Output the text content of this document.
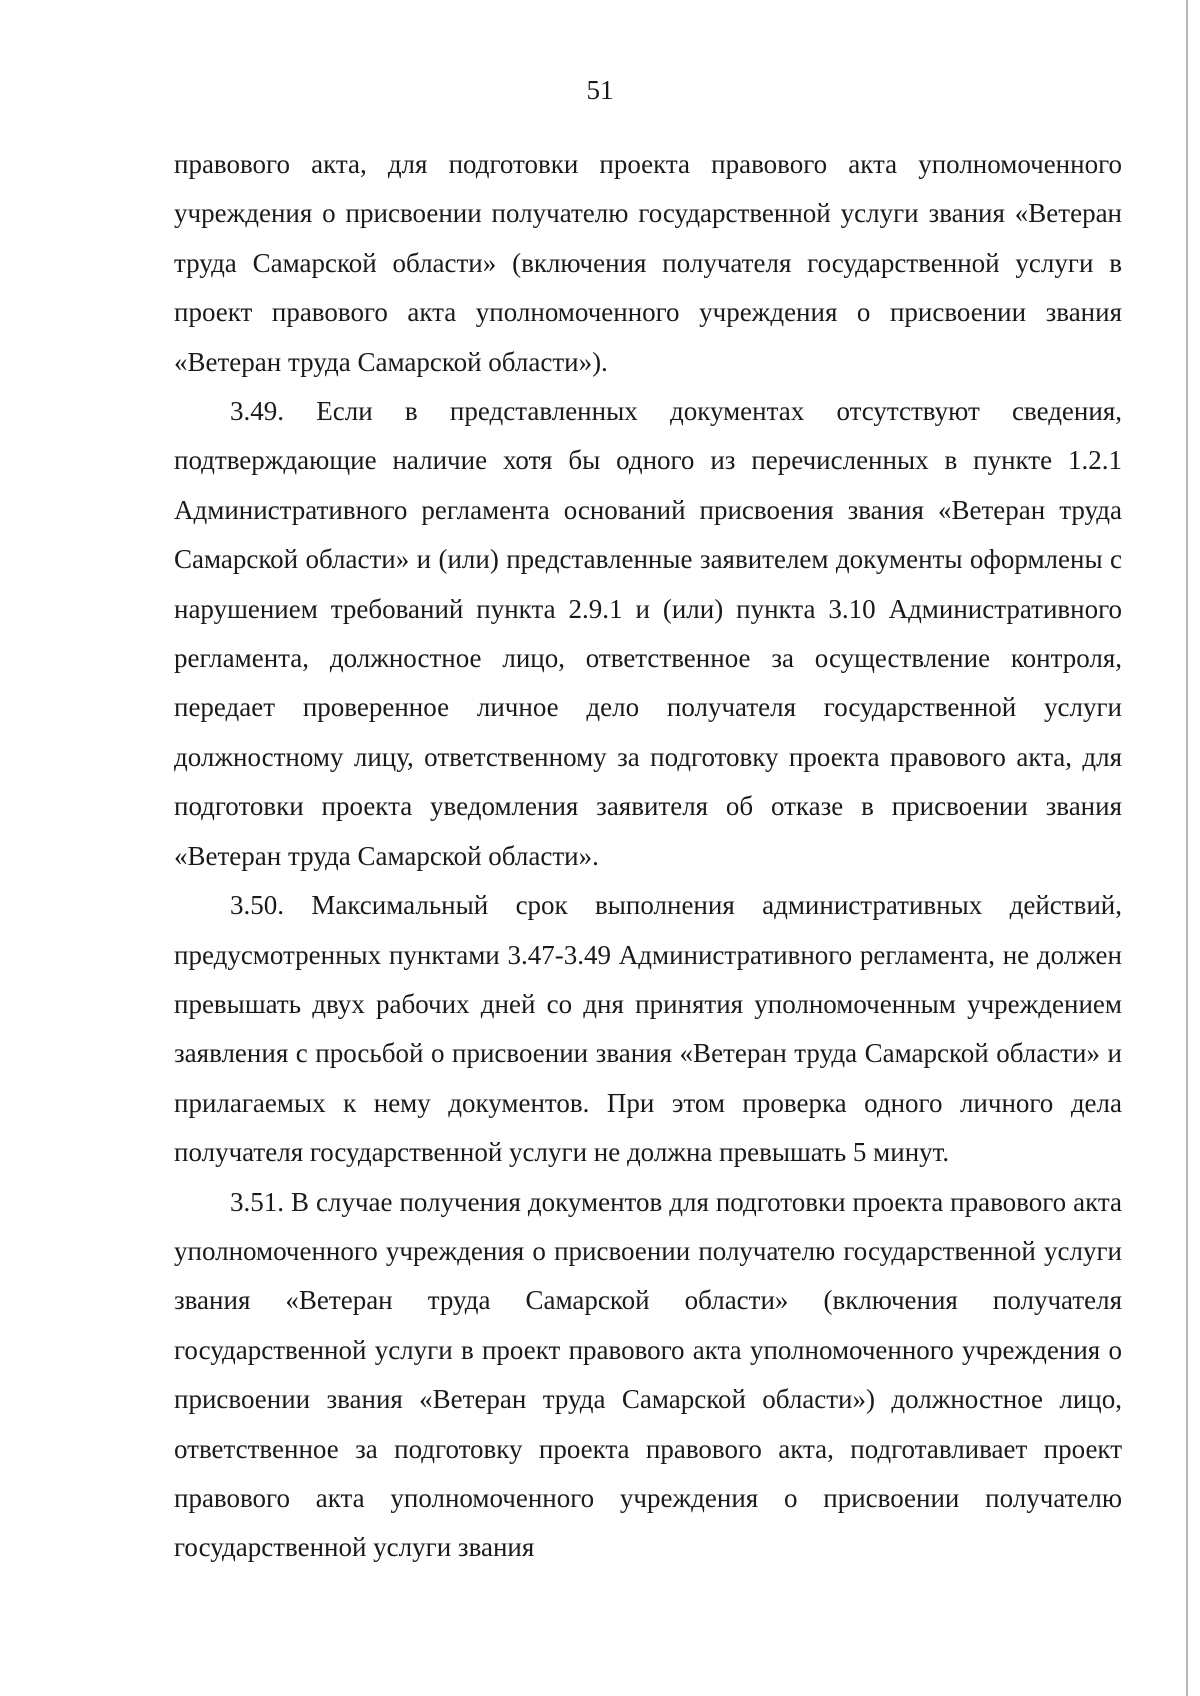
51

правового акта, для подготовки проекта правового акта уполномоченного учреждения о присвоении получателю государственной услуги звания «Ветеран труда Самарской области» (включения получателя государственной услуги в проект правового акта уполномоченного учреждения о присвоении звания «Ветеран труда Самарской области»).

3.49. Если в представленных документах отсутствуют сведения, подтверждающие наличие хотя бы одного из перечисленных в пункте 1.2.1 Административного регламента оснований присвоения звания «Ветеран труда Самарской области» и (или) представленные заявителем документы оформлены с нарушением требований пункта 2.9.1 и (или) пункта 3.10 Административного регламента, должностное лицо, ответственное за осуществление контроля, передает проверенное личное дело получателя государственной услуги должностному лицу, ответственному за подготовку проекта правового акта, для подготовки проекта уведомления заявителя об отказе в присвоении звания «Ветеран труда Самарской области».

3.50. Максимальный срок выполнения административных действий, предусмотренных пунктами 3.47-3.49 Административного регламента, не должен превышать двух рабочих дней со дня принятия уполномоченным учреждением заявления с просьбой о присвоении звания «Ветеран труда Самарской области» и прилагаемых к нему документов. При этом проверка одного личного дела получателя государственной услуги не должна превышать 5 минут.

3.51. В случае получения документов для подготовки проекта правового акта уполномоченного учреждения о присвоении получателю государственной услуги звания «Ветеран труда Самарской области» (включения получателя государственной услуги в проект правового акта уполномоченного учреждения о присвоении звания «Ветеран труда Самарской области») должностное лицо, ответственное за подготовку проекта правового акта, подготавливает проект правового акта уполномоченного учреждения о присвоении получателю государственной услуги звания
